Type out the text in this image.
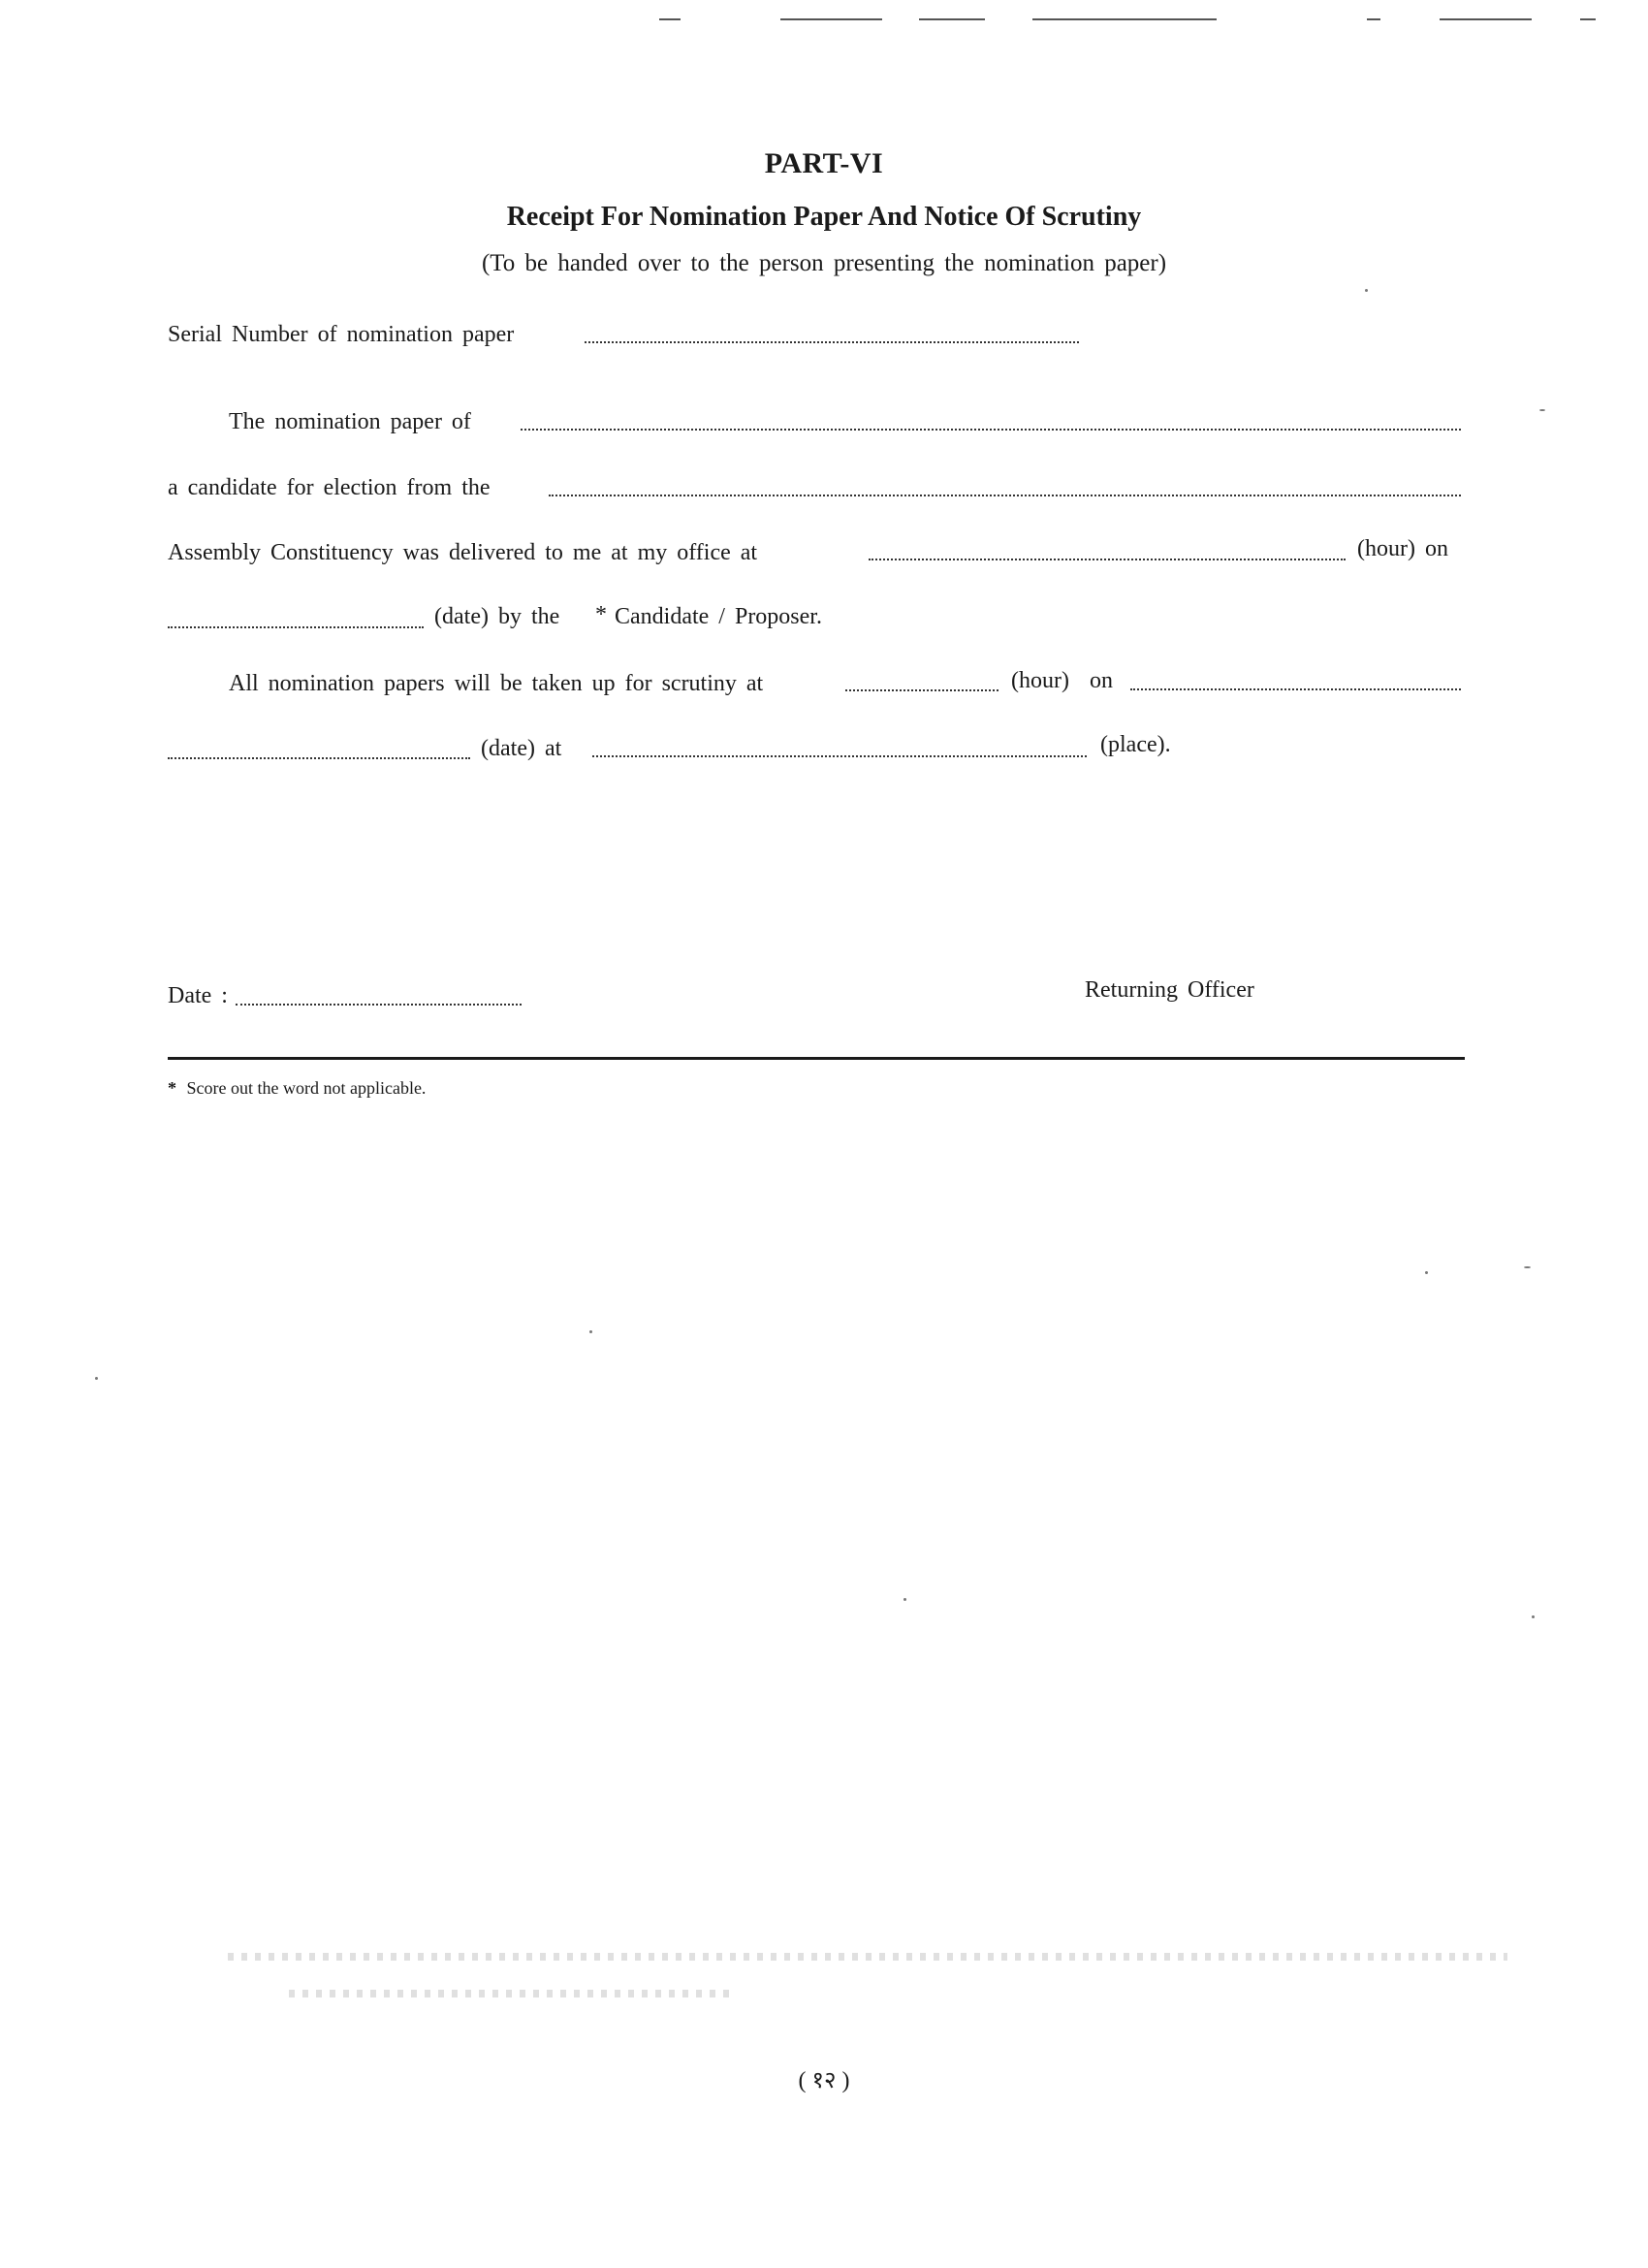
PART-VI
Receipt For Nomination Paper And Notice Of Scrutiny
(To be handed over to the person presenting the nomination paper)
Serial Number of nomination paper
The nomination paper of
a candidate for election from the
Assembly Constituency was delivered to me at my office at	(hour) on
(date) by the * Candidate / Proposer.
All nomination papers will be taken up for scrutiny at	(hour) on
(date) at	(place).
Date :	Returning Officer
* Score out the word not applicable.
( १२ )
